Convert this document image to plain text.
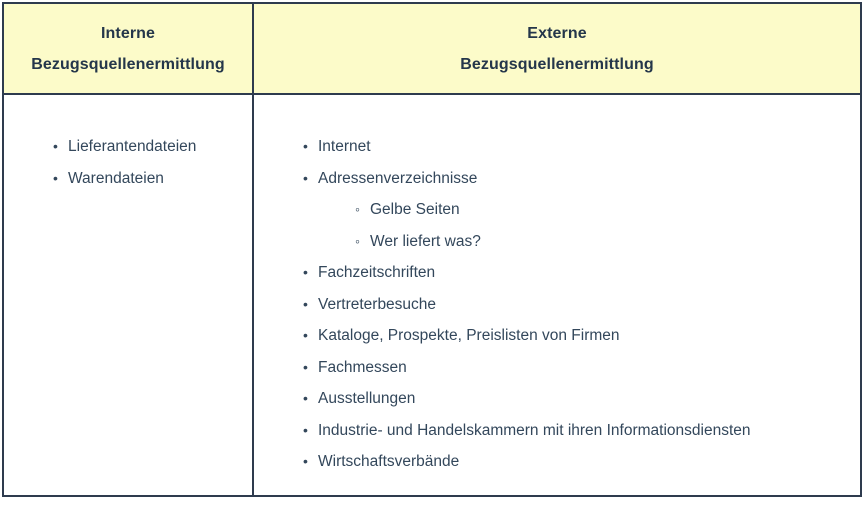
Interne
Bezugsquellenermittlung
Externe
Bezugsquellenermittlung
• Lieferantendateien
• Warendateien
• Internet
• Adressenverzeichnisse
◦ Gelbe Seiten
◦ Wer liefert was?
• Fachzeitschriften
• Vertreterbesuche
• Kataloge, Prospekte, Preislisten von Firmen
• Fachmessen
• Ausstellungen
• Industrie- und Handelskammern mit ihren Informationsdiensten
• Wirtschaftsverbände
